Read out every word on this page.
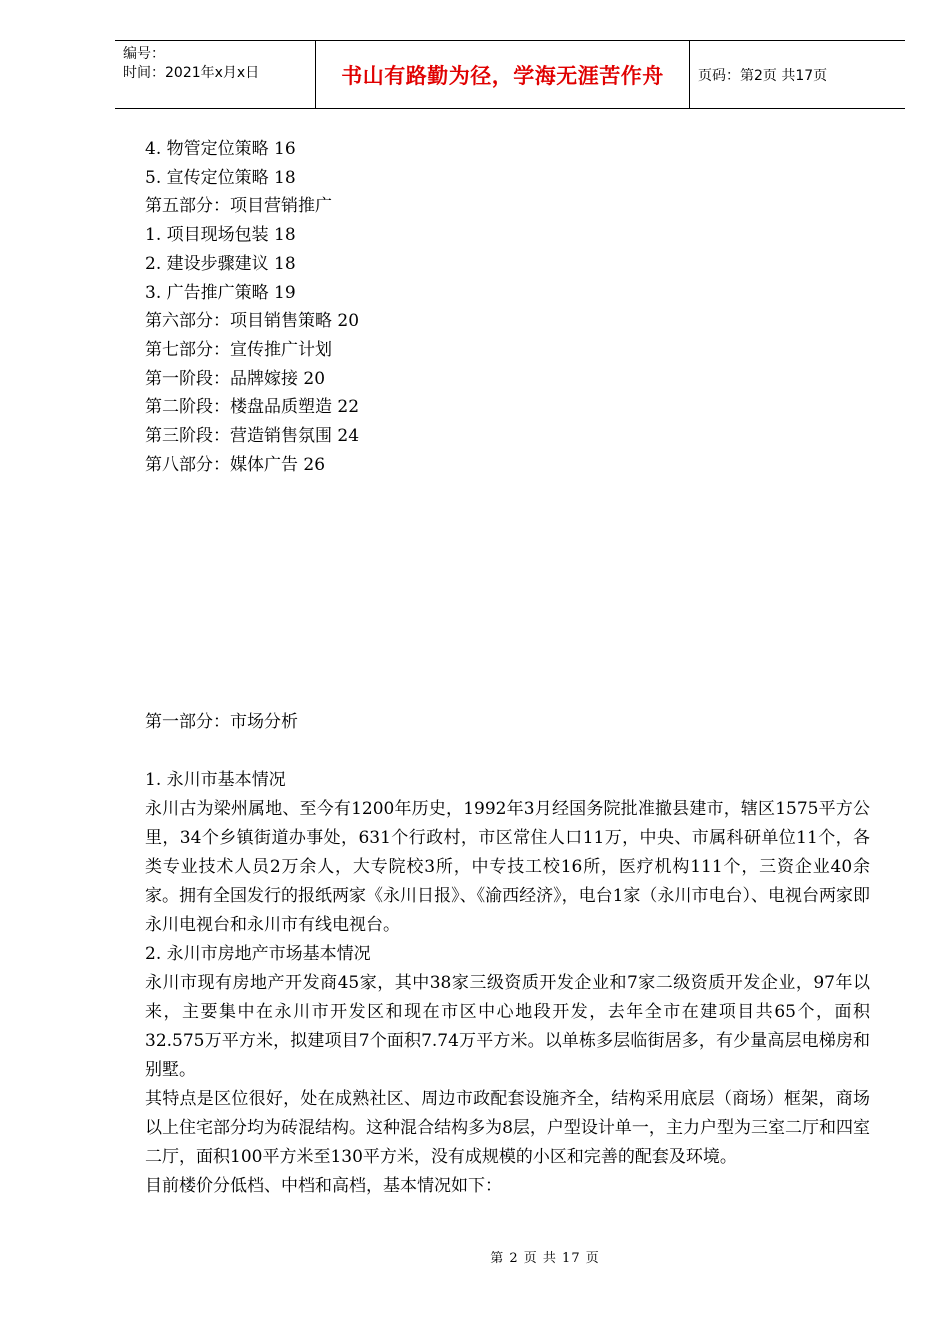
编号：
时间：2021年x月x日	书山有路勤为径，学海无涯苦作舟 页码：第2页 共17页
4. 物管定位策略 16
5. 宣传定位策略 18
第五部分：项目营销推广
1. 项目现场包装 18
2. 建设步骤建议 18
3. 广告推广策略 19
第六部分：项目销售策略 20
第七部分：宣传推广计划
第一阶段：品牌嫁接 20
第二阶段：楼盘品质塑造 22
第三阶段：营造销售氛围 24
第八部分：媒体广告 26
第一部分：市场分析

1. 永川市基本情况

永川古为梁州属地、至今有1200年历史，1992年3月经国务院批准撤县建市，辖区1575平方公里，34个乡镇街道办事处，631个行政村，市区常住人口11万，中央、市属科研单位11个，各类专业技术人员2万余人，大专院校3所，中专技工校16所，医疗机构111个，三资企业40余家。拥有全国发行的报纸两家《永川日报》、《渝西经济》，电台1家（永川市电台）、电视台两家即永川电视台和永川市有线电视台。

2. 永川市房地产市场基本情况

永川市现有房地产开发商45家，其中38家三级资质开发企业和7家二级资质开发企业，97年以来，主要集中在永川市开发区和现在市区中心地段开发，去年全市在建项目共65个，面积32.575万平方米，拟建项目7个面积7.74万平方米。以单栋多层临街居多，有少量高层电梯房和别墅。

其特点是区位很好，处在成熟社区、周边市政配套设施齐全，结构采用底层（商场）框架，商场以上住宅部分均为砖混结构。这种混合结构多为8层，户型设计单一，主力户型为三室二厅和四室二厅，面积100平方米至130平方米，没有成规模的小区和完善的配套及环境。

目前楼价分低档、中档和高档，基本情况如下：

第 2 页 共 17 页
